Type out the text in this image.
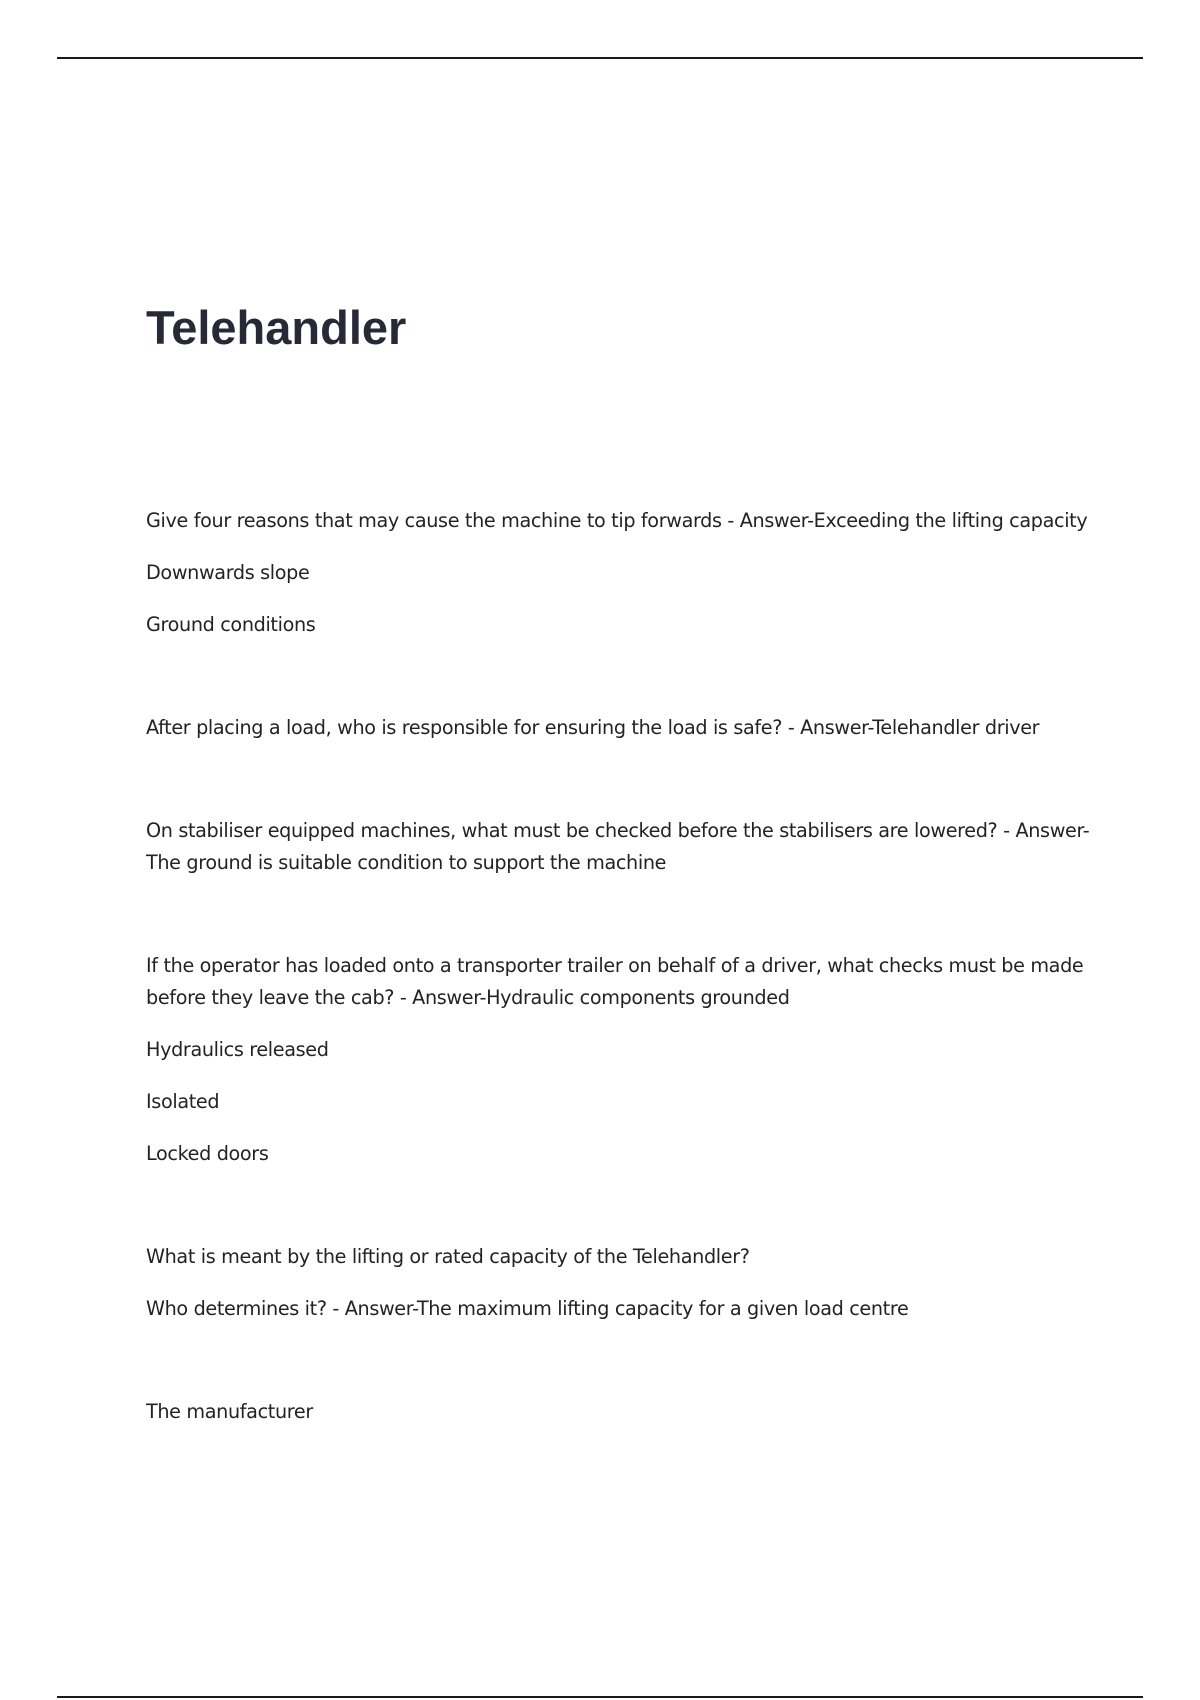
Telehandler

Give four reasons that may cause the machine to tip forwards - Answer-Exceeding the lifting capacity

Downwards slope

Ground conditions

After placing a load, who is responsible for ensuring the load is safe? - Answer-Telehandler driver

On stabiliser equipped machines, what must be checked before the stabilisers are lowered? - Answer-
The ground is suitable condition to support the machine

If the operator has loaded onto a transporter trailer on behalf of a driver, what checks must be made
before they leave the cab? - Answer-Hydraulic components grounded

Hydraulics released

Isolated

Locked doors

What is meant by the lifting or rated capacity of the Telehandler?

Who determines it? - Answer-The maximum lifting capacity for a given load centre

The manufacturer
